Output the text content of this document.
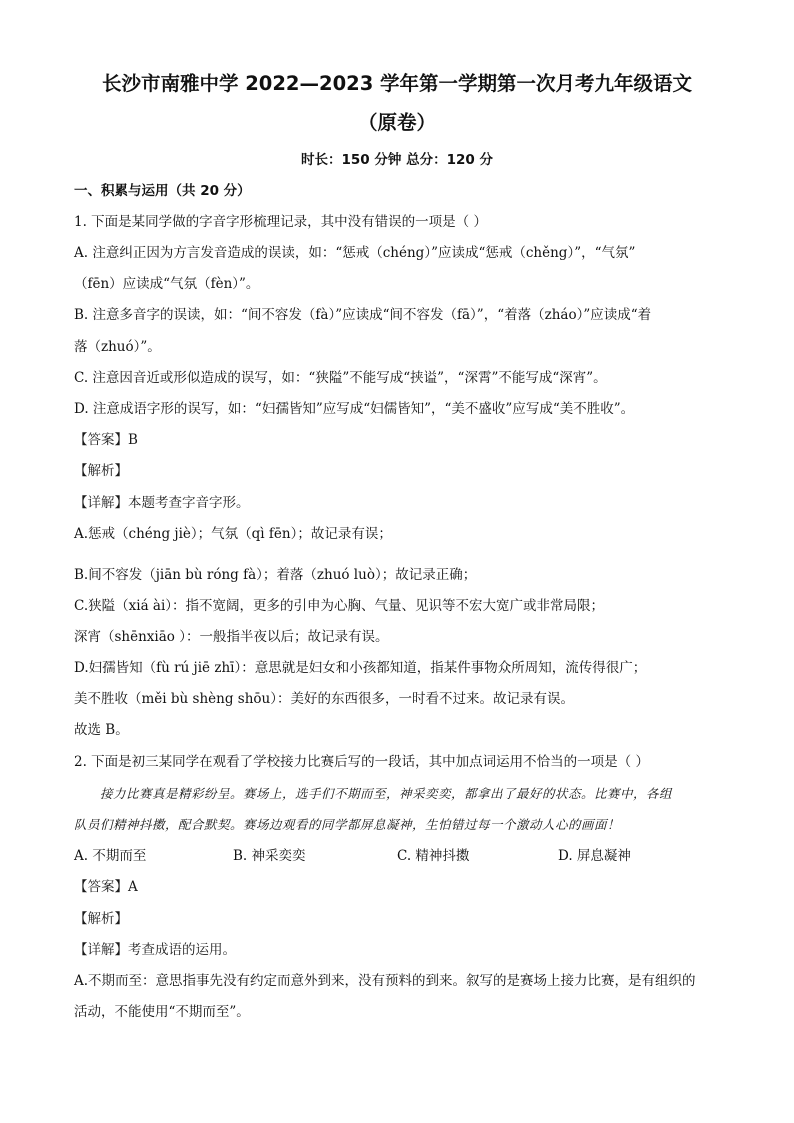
长沙市南雅中学 2022—2023 学年第一学期第一次月考九年级语文
（原卷）
时长：150 分钟 总分：120 分
一、积累与运用（共 20 分）
1. 下面是某同学做的字音字形梳理记录，其中没有错误的一项是（ ）
A. 注意纠正因为方言发音造成的误读，如：“惩戒（chéng）”应读成“惩戒（chěng）”，“气氛”
（fēn）应读成“气氛（fèn）”。
B. 注意多音字的误读，如：“间不容发（fà）”应读成“间不容发（fā）”，“着落（zháo）”应读成“着
落（zhuó）”。
C. 注意因音近或形似造成的误写，如：“狭隘”不能写成“挟谥”，“深霄”不能写成“深宵”。
D. 注意成语字形的误写，如：“妇孺皆知”应写成“妇儒皆知”，“美不盛收”应写成“美不胜收”。
【答案】B
【解析】
【详解】本题考查字音字形。
A.惩戒（chéng jiè）；气氛（qì fēn）；故记录有误；
B.间不容发（jiān bù róng fà）；着落（zhuó luò）；故记录正确；
C.狭隘（xiá ài）：指不宽阔，更多的引申为心胸、气量、见识等不宏大宽广或非常局限；
深宵（shēnxiāo ）：一般指半夜以后；故记录有误。
D.妇孺皆知（fù rú jiē zhī）：意思就是妇女和小孩都知道，指某件事物众所周知，流传得很广；
美不胜收（měi bù shèng shōu）：美好的东西很多，一时看不过来。故记录有误。
故选 B。
2. 下面是初三某同学在观看了学校接力比赛后写的一段话，其中加点词运用不恰当的一项是（ ）
接力比赛真是精彩纷呈。赛场上，选手们不期而至，神采奕奕，都拿出了最好的状态。比赛中，各组
队员们精神抖擞，配合默契。赛场边观看的同学都屏息凝神，生怕错过每一个激动人心的画面！
A. 不期而至	B. 神采奕奕	C. 精神抖擞	D. 屏息凝神
【答案】A
【解析】
【详解】考查成语的运用。
A.不期而至：意思指事先没有约定而意外到来，没有预料的到来。叙写的是赛场上接力比赛，是有组织的
活动，不能使用“不期而至”。
